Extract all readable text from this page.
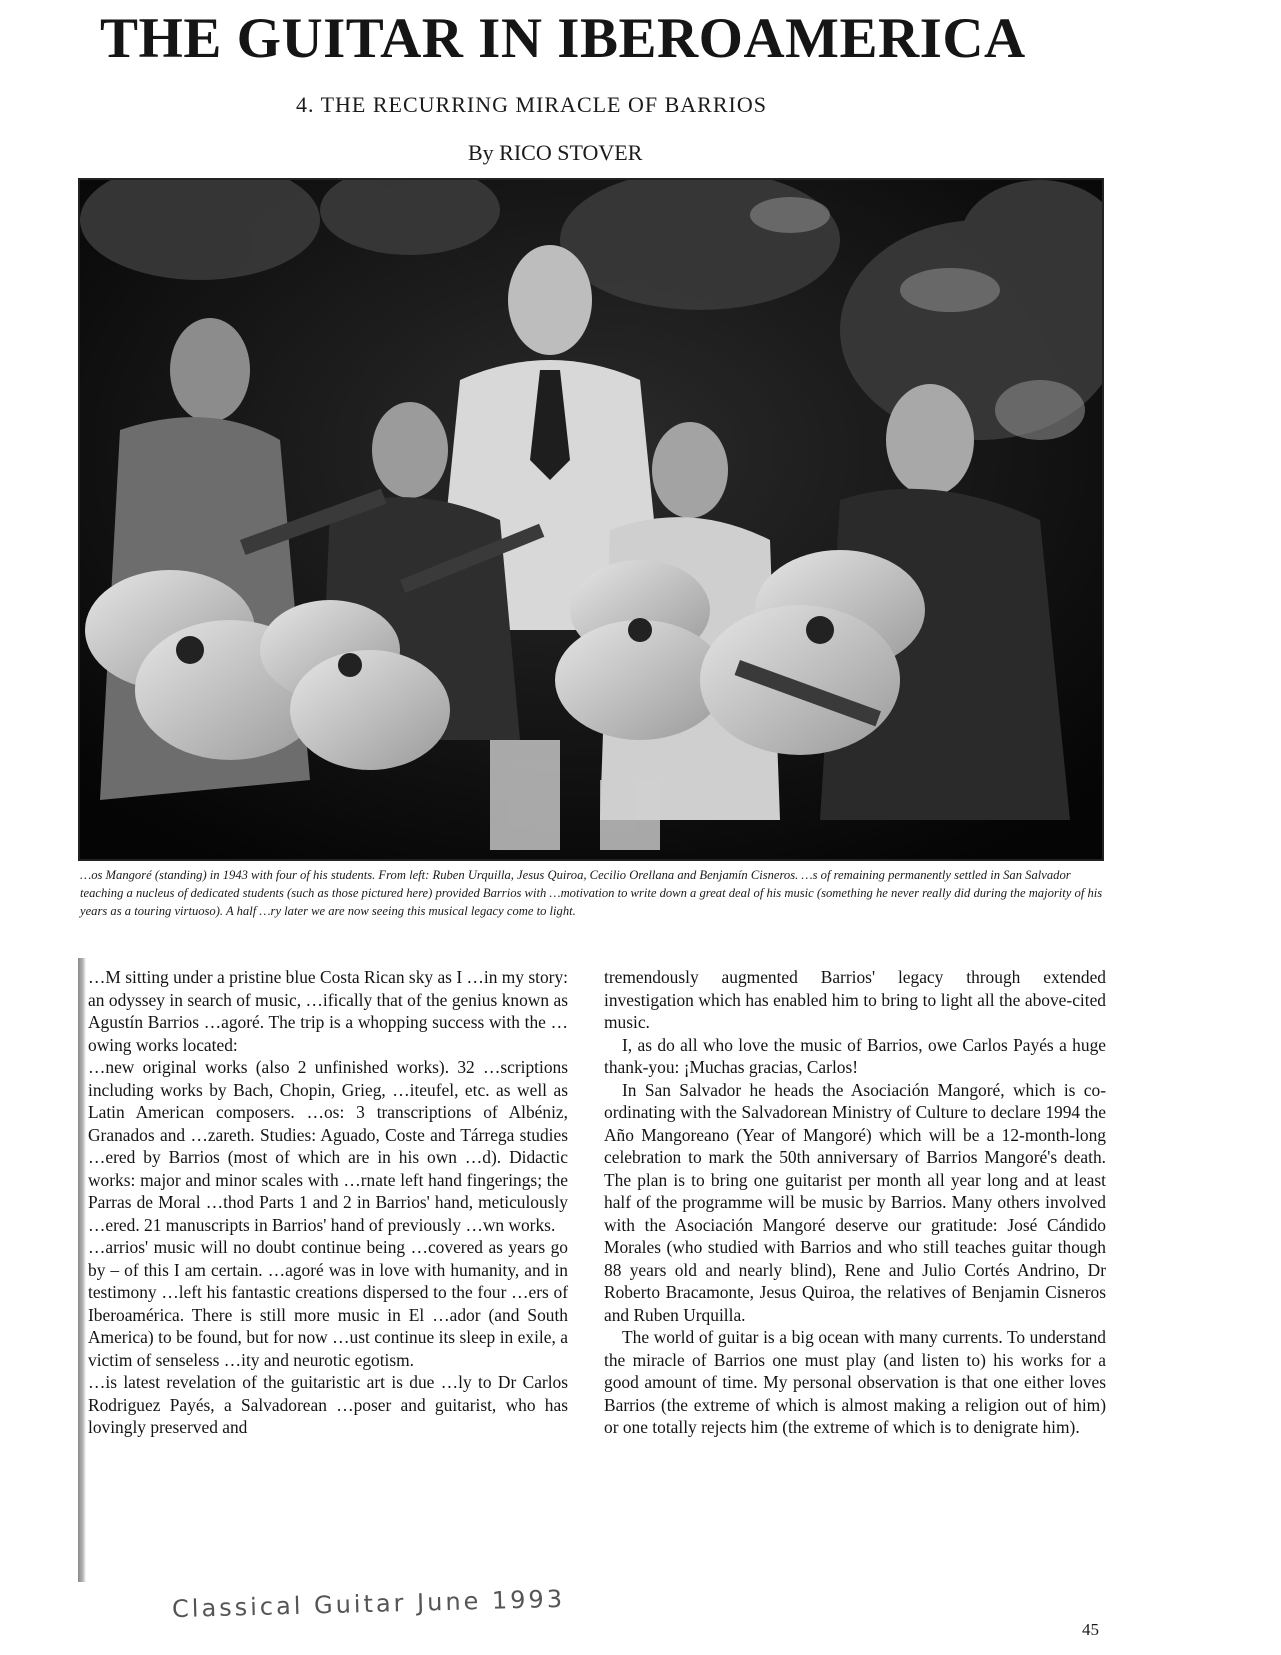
THE GUITAR IN IBEROAMERICA
4. THE RECURRING MIRACLE OF BARRIOS
By RICO STOVER
…os Mangoré (standing) in 1943 with four of his students. From left: Ruben Urquilla, Jesus Quiroa, Cecilio Orellana and Benjamín Cisneros. …s of remaining permanently settled in San Salvador teaching a nucleus of dedicated students (such as those pictured here) provided Barrios with …motivation to write down a great deal of his music (something he never really did during the majority of his years as a touring virtuoso). A half …ry later we are now seeing this musical legacy come to light.

…M sitting under a pristine blue Costa Rican sky as I …in my story: an odyssey in search of music, …ifically that of the genius known as Agustín Barrios …agoré. The trip is a whopping success with the …owing works located:

…new original works (also 2 unfinished works). 32 …scriptions including works by Bach, Chopin, Grieg, …iteufel, etc. as well as Latin American composers. …os: 3 transcriptions of Albéniz, Granados and …zareth. Studies: Aguado, Coste and Tárrega studies …ered by Barrios (most of which are in his own …d). Didactic works: major and minor scales with …rnate left hand fingerings; the Parras de Moral …thod Parts 1 and 2 in Barrios' hand, meticulously …ered. 21 manuscripts in Barrios' hand of previously …wn works.

…arrios' music will no doubt continue being …covered as years go by – of this I am certain. …agoré was in love with humanity, and in testimony …left his fantastic creations dispersed to the four …ers of Iberoamérica. There is still more music in El …ador (and South America) to be found, but for now …ust continue its sleep in exile, a victim of senseless …ity and neurotic egotism.

…is latest revelation of the guitaristic art is due …ly to Dr Carlos Rodriguez Payés, a Salvadorean …poser and guitarist, who has lovingly preserved and

tremendously augmented Barrios' legacy through extended investigation which has enabled him to bring to light all the above-cited music.

I, as do all who love the music of Barrios, owe Carlos Payés a huge thank-you: ¡Muchas gracias, Carlos!

In San Salvador he heads the Asociación Mangoré, which is co-ordinating with the Salvadorean Ministry of Culture to declare 1994 the Año Mangoreano (Year of Mangoré) which will be a 12-month-long celebration to mark the 50th anniversary of Barrios Mangoré's death. The plan is to bring one guitarist per month all year long and at least half of the programme will be music by Barrios. Many others involved with the Asociación Mangoré deserve our gratitude: José Cándido Morales (who studied with Barrios and who still teaches guitar though 88 years old and nearly blind), Rene and Julio Cortés Andrino, Dr Roberto Bracamonte, Jesus Quiroa, the relatives of Benjamin Cisneros and Ruben Urquilla.

The world of guitar is a big ocean with many currents. To understand the miracle of Barrios one must play (and listen to) his works for a good amount of time. My personal observation is that one either loves Barrios (the extreme of which is almost making a religion out of him) or one totally rejects him (the extreme of which is to denigrate him).

Classical Guitar June 1993
45
